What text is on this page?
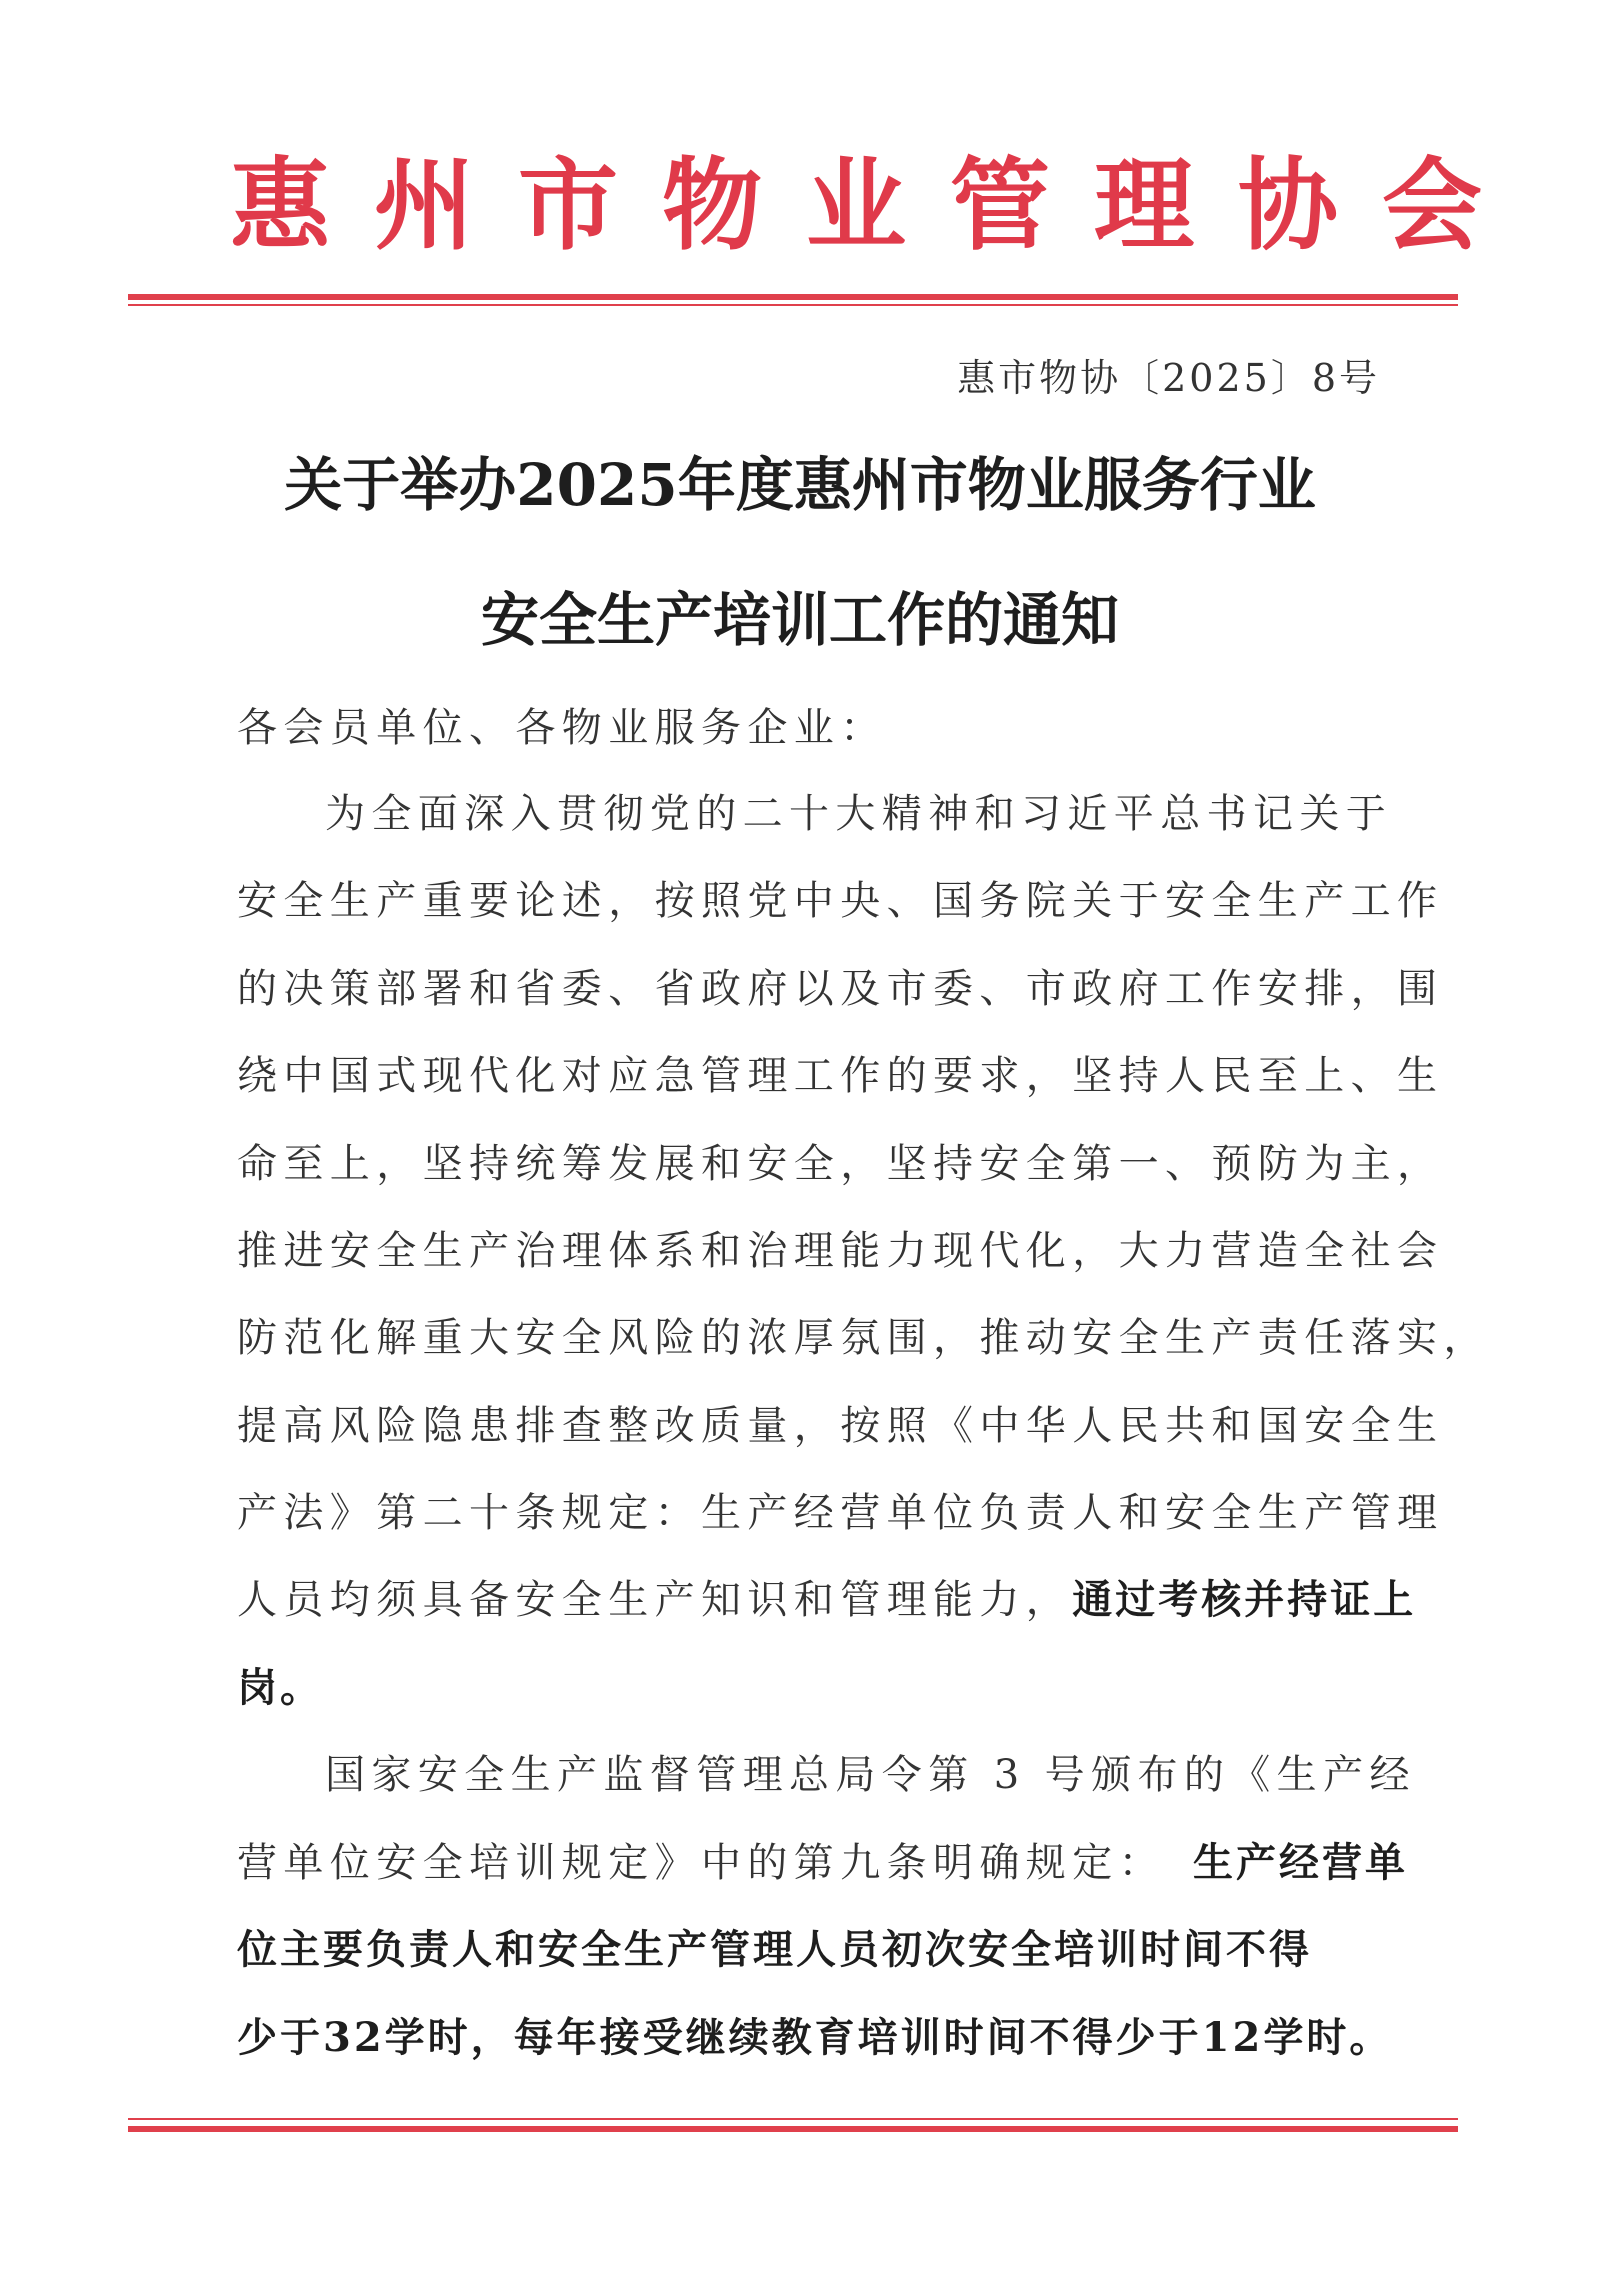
惠州市物业管理协会
惠市物协〔2025〕8号
关于举办2025年度惠州市物业服务行业
安全生产培训工作的通知
各会员单位、各物业服务企业：
为全面深入贯彻党的二十大精神和习近平总书记关于
安全生产重要论述，按照党中央、国务院关于安全生产工作
的决策部署和省委、省政府以及市委、市政府工作安排，围
绕中国式现代化对应急管理工作的要求，坚持人民至上、生
命至上，坚持统筹发展和安全，坚持安全第一、预防为主，
推进安全生产治理体系和治理能力现代化，大力营造全社会
防范化解重大安全风险的浓厚氛围，推动安全生产责任落实，
提高风险隐患排查整改质量，按照《中华人民共和国安全生
产法》第二十条规定：生产经营单位负责人和安全生产管理
人员均须具备安全生产知识和管理能力，通过考核并持证上
岗。
国家安全生产监督管理总局令第 3 号颁布的《生产经
营单位安全培训规定》中的第九条明确规定： 生产经营单
位主要负责人和安全生产管理人员初次安全培训时间不得
少于32学时，每年接受继续教育培训时间不得少于12学时。
